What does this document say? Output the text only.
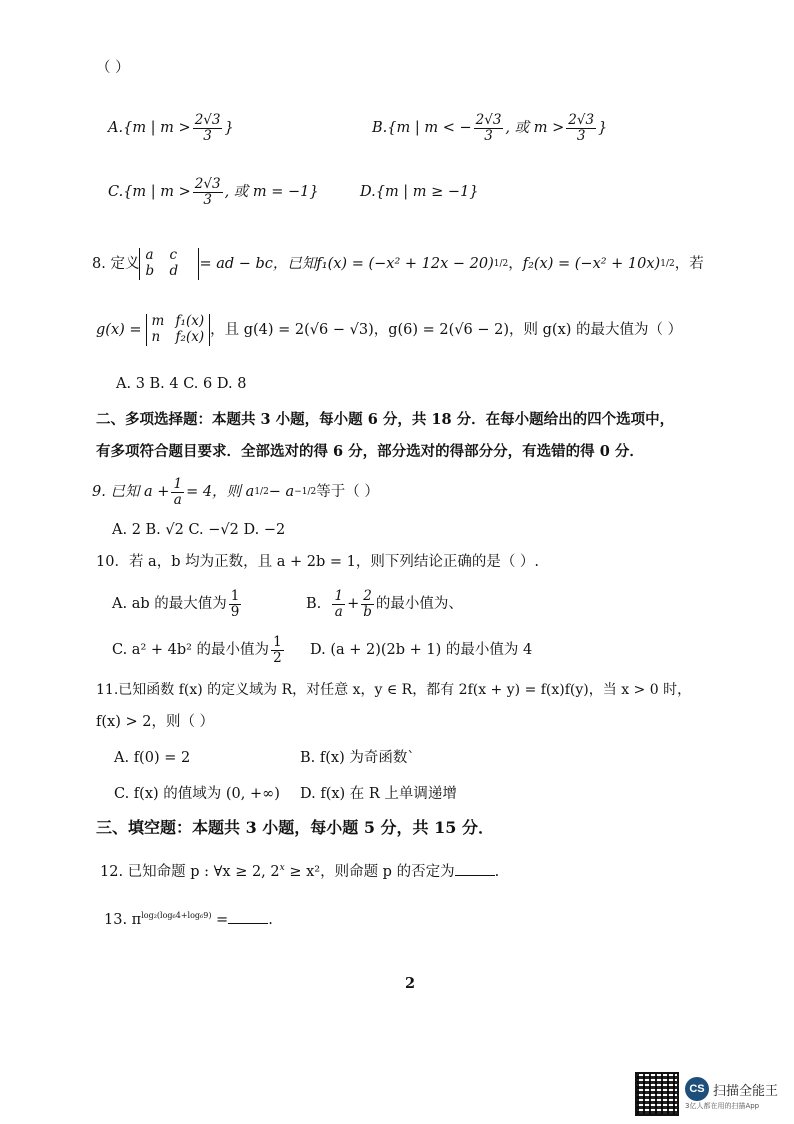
（ ）
A. {m | $m > \frac{2√3}{3}$ }	B. {m | m < − $\frac{2√3}{3}$ , 或 $m > \frac{2√3}{3}$ }
C. {m | $m > \frac{2√3}{3}$ , 或 m = −1}	D.{m | m ≥ −1}
8.
定义
a c
b d	= ad − bc，已知 f₁(x) = (−x² + 12x − 20) 1/2 ， f₂(x) = (−x² + 10x) 1/2 ，若
g(x) =
m f₁(x)
n f₂(x) ，且 g(4) = 2(√6 − √3)，g(6) = 2(√6 − 2)，则 g(x) 的最大值为（ ）
A. 3 B. 4 C. 6 D. 8
二、多项选择题：本题共 3 小题，每小题 6 分，共 18 分．在每小题给出的四个选项中，
有多项符合题目要求．全部选对的得 6 分，部分选对的得部分分，有选错的得 0 分．
9. 已知 $a + \frac{1}{a} = 4$，则 a 1/2 − a −1/2 等于（ ）
A. 2 B. √2 C. −√2 D. −2
10．若 a，b 均为正数，且 a + 2b = 1，则下列结论正确的是（ ）.
A. ab 的最大值为 $\frac{1}{9}$	B.
$\frac{1}{a} + \frac{2}{b}$ 的最小值为、
C. a² + 4b² 的最小值为 $\frac{1}{2} D$. (a + 2)(2b + 1) 的最小值为 4
11.已知函数 f(x) 的定义域为 R，对任意 x，y ∈ R，都有 2f(x + y) = f(x)f(y)，当 x > 0 时，
f(x) > 2，则（ ）
A. f(0) = 2	B. f(x) 为奇函数`
C. f(x) 的值域为 (0, +∞) D. f(x) 在 R 上单调递增
三、填空题：本题共 3 小题，每小题 5 分，共 15 分．
12. 已知命题 p : ∀x ≥ 2, $2^x \ge x^2$，则命题 p 的否定为	.
13. $\pi^{log_2(log_64+log_69)}$ =	.
2
CS 扫描全能王
3亿人都在用的扫描App
